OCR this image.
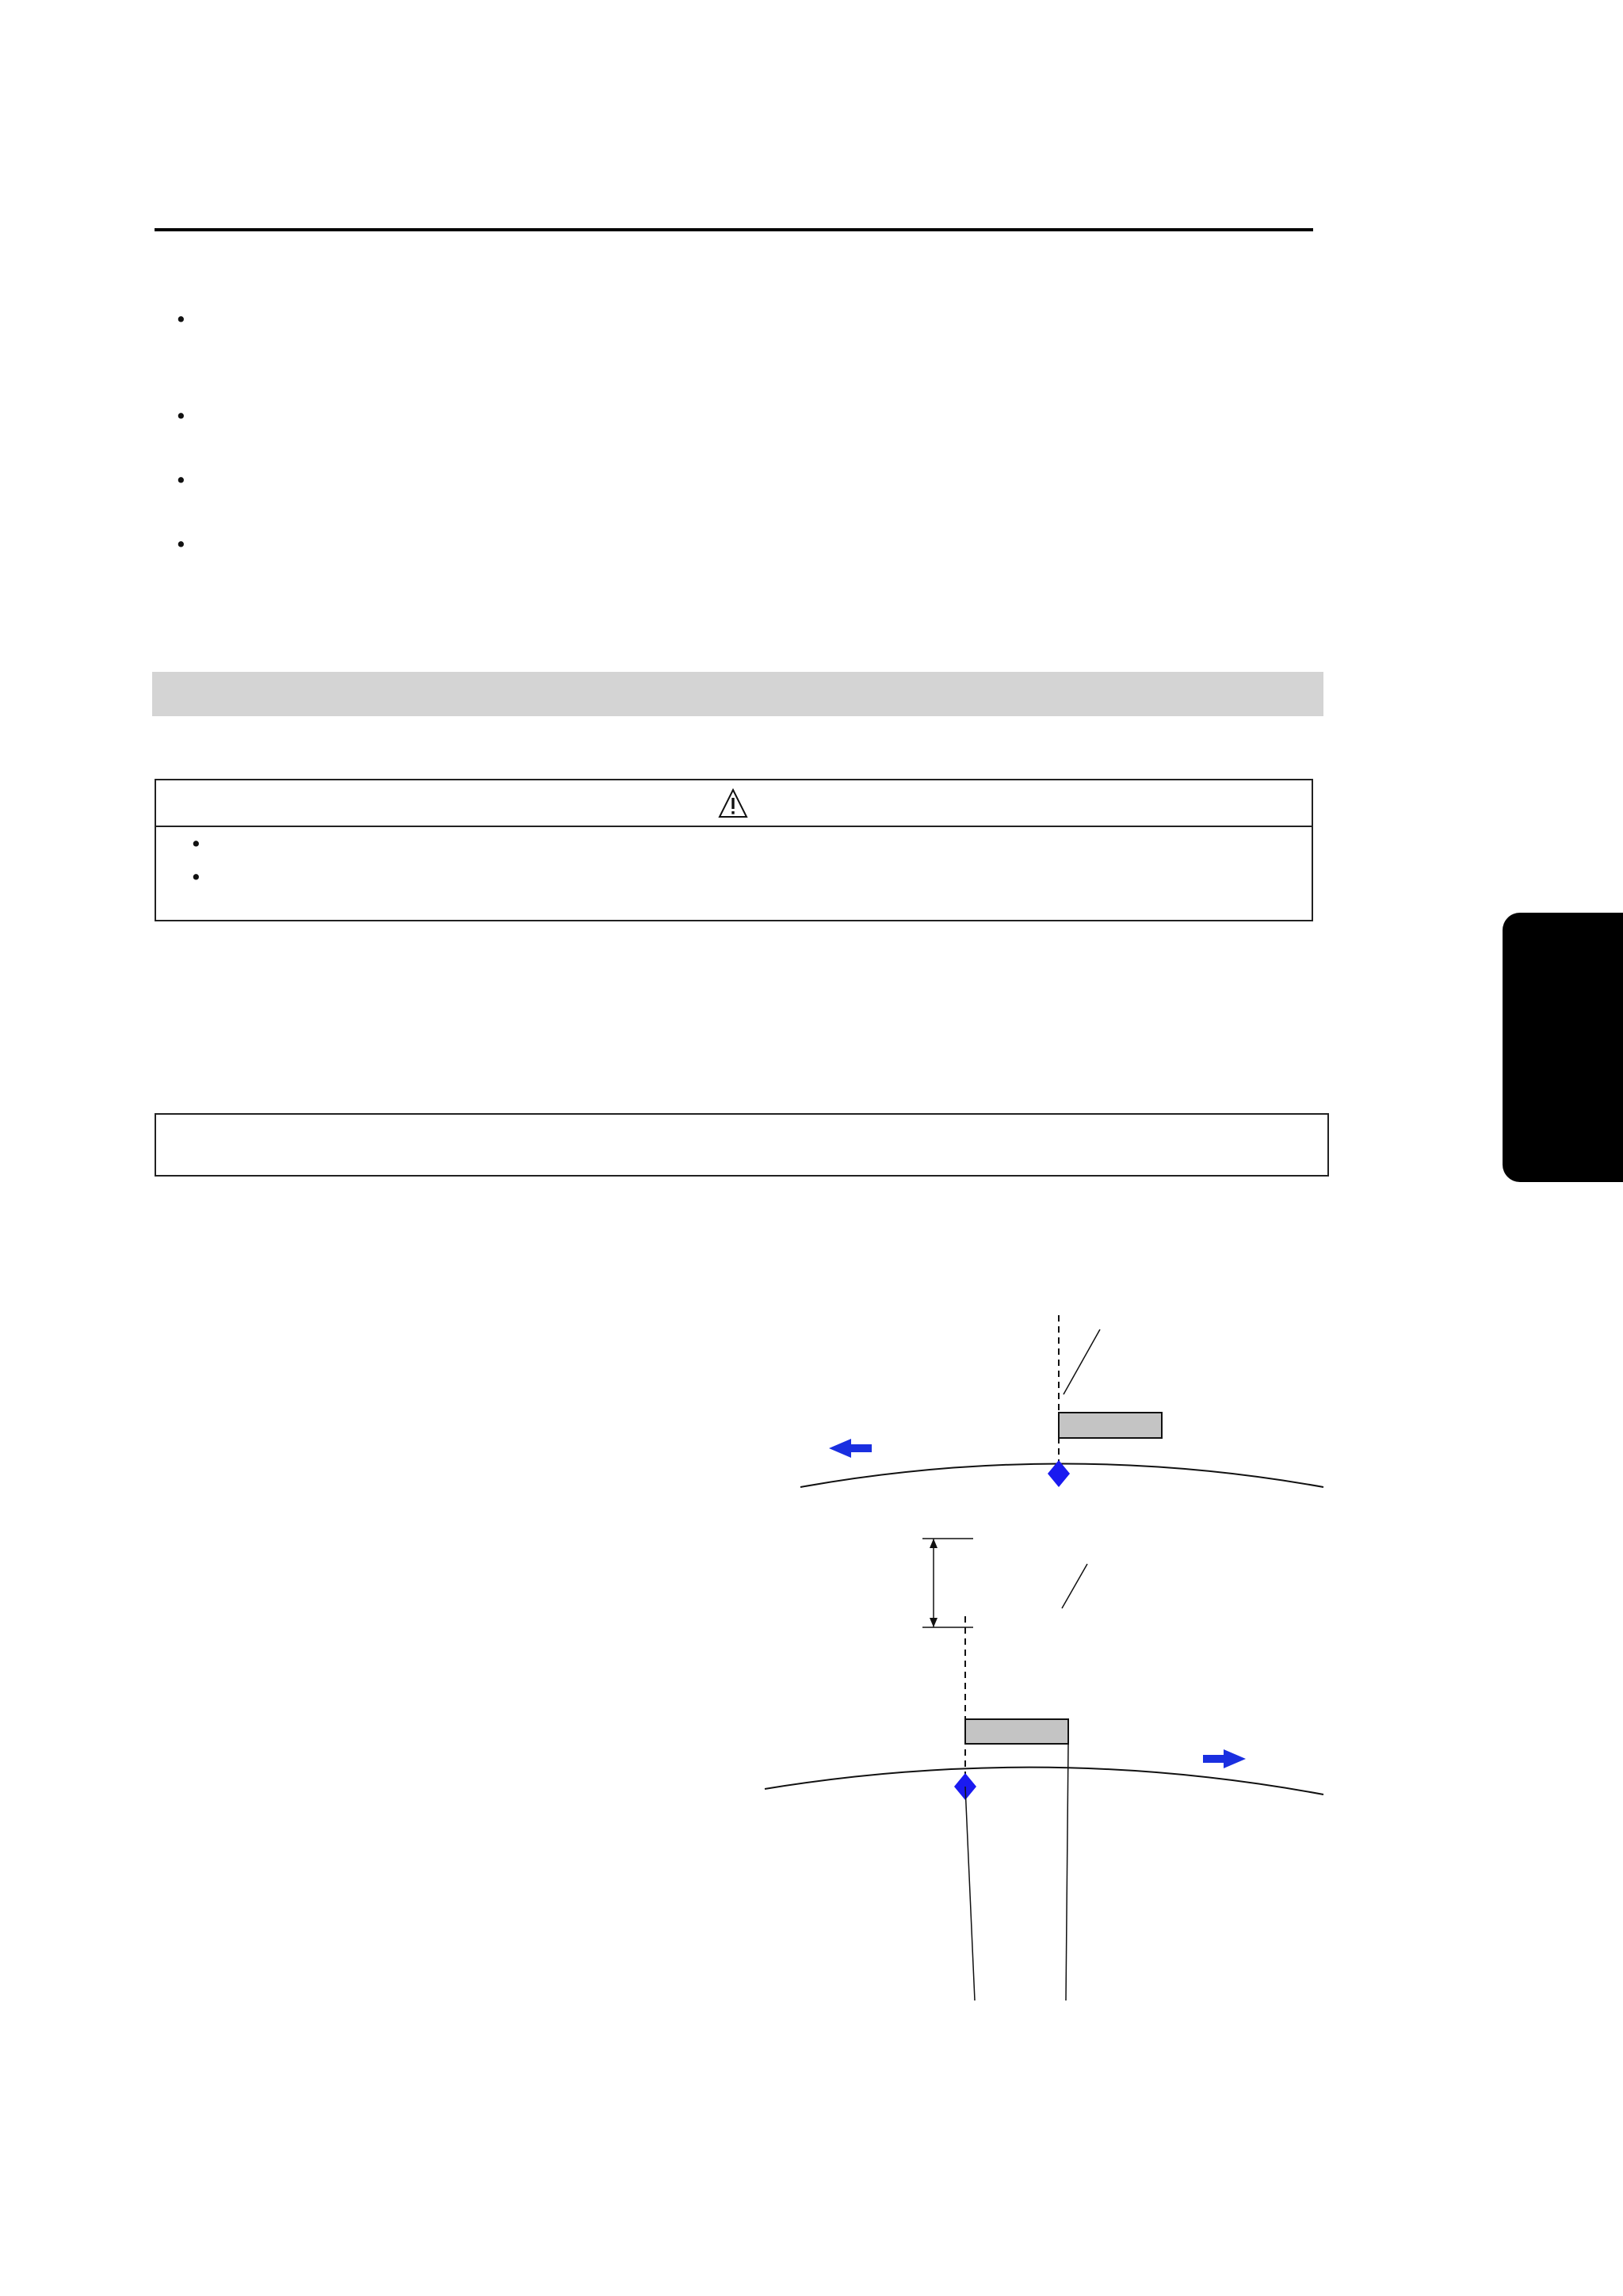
•
•
•
•
•
•
